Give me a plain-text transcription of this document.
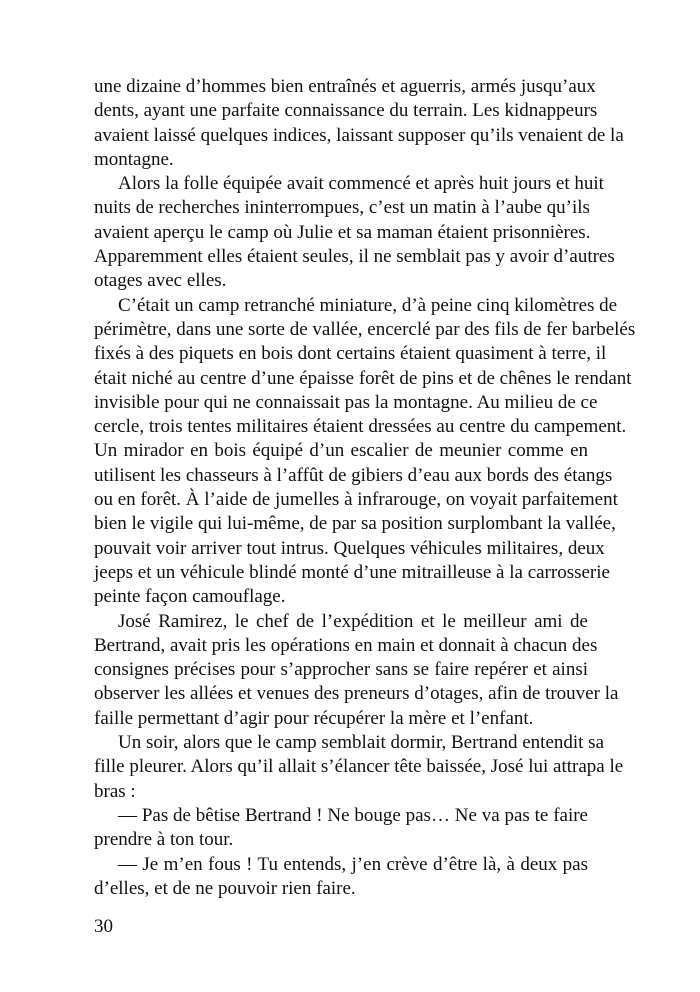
une dizaine d’hommes bien entraînés et aguerris, armés jusqu’aux
dents, ayant une parfaite connaissance du terrain. Les kidnappeurs
avaient laissé quelques indices, laissant supposer qu’ils venaient de la
montagne.
Alors la folle équipée avait commencé et après huit jours et huit
nuits de recherches ininterrompues, c’est un matin à l’aube qu’ils
avaient aperçu le camp où Julie et sa maman étaient prisonnières.
Apparemment elles étaient seules, il ne semblait pas y avoir d’autres
otages avec elles.
C’était un camp retranché miniature, d’à peine cinq kilomètres de
périmètre, dans une sorte de vallée, encerclé par des fils de fer barbelés
fixés à des piquets en bois dont certains étaient quasiment à terre, il
était niché au centre d’une épaisse forêt de pins et de chênes le rendant
invisible pour qui ne connaissait pas la montagne. Au milieu de ce
cercle, trois tentes militaires étaient dressées au centre du campement.
Un mirador en bois équipé d’un escalier de meunier comme en
utilisent les chasseurs à l’affût de gibiers d’eau aux bords des étangs
ou en forêt. À l’aide de jumelles à infrarouge, on voyait parfaitement
bien le vigile qui lui-même, de par sa position surplombant la vallée,
pouvait voir arriver tout intrus. Quelques véhicules militaires, deux
jeeps et un véhicule blindé monté d’une mitrailleuse à la carrosserie
peinte façon camouflage.
José Ramirez, le chef de l’expédition et le meilleur ami de
Bertrand, avait pris les opérations en main et donnait à chacun des
consignes précises pour s’approcher sans se faire repérer et ainsi
observer les allées et venues des preneurs d’otages, afin de trouver la
faille permettant d’agir pour récupérer la mère et l’enfant.
Un soir, alors que le camp semblait dormir, Bertrand entendit sa
fille pleurer. Alors qu’il allait s’élancer tête baissée, José lui attrapa le
bras :
— Pas de bêtise Bertrand ! Ne bouge pas… Ne va pas te faire
prendre à ton tour.
— Je m’en fous ! Tu entends, j’en crève d’être là, à deux pas
d’elles, et de ne pouvoir rien faire.
30
